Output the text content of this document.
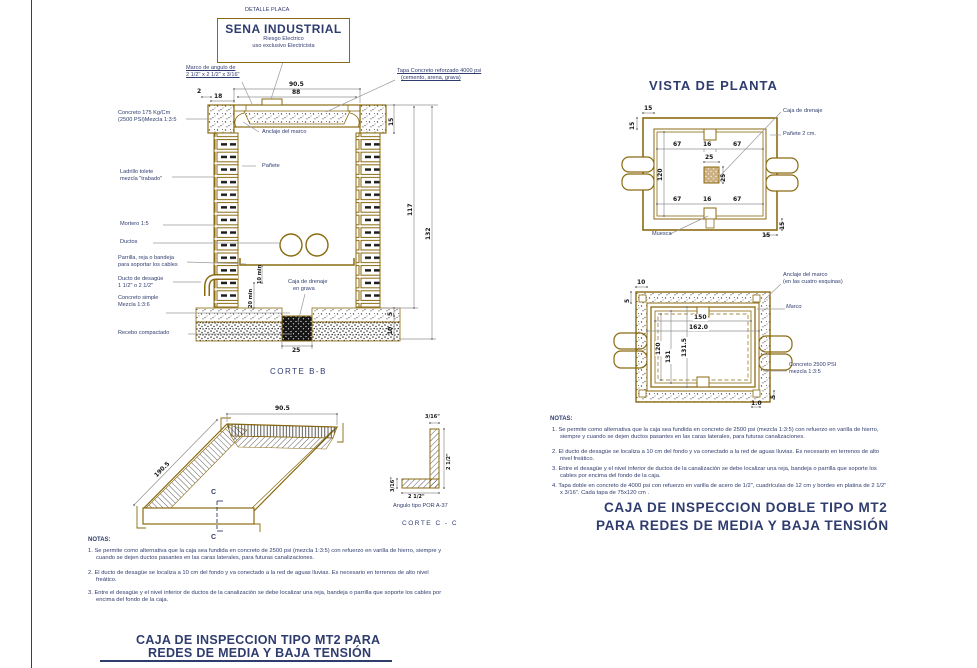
DETALLE PLACA
SENA INDUSTRIAL
Riesgo Electrico
uso exclusivo Electricista
Marco de angulo de
2 1/2" x 2 1/2" x 3/16"
Tapa Concreto reforzado 4000 psi
(cemento, arena, grava)
Concreto 175 Kg/Cm
(2500 PSI)Mezcla 1:3:5
Anclaje del marco
Pañete
Ladrillo tolete
mezcla "trabado"
Mortero 1:5
Ductos
Parrilla, reja o bandeja
para soportar los cables
Ducto de desagüe
1 1/2" o 2 1/2"
Concreto simple
Mezcla 1:3:6
Recebo compactado
Caja de drenaje
en grava
90.5
88
2
18
15
117
132
5
10
25
10 min
20 min
CORTE B-B
VISTA DE PLANTA
Caja de drenaje
Pañete 2 cm.
Muesca
15
15
67	16	67
120
25
25
67	16	67
15
15
Anclaje del marco
(en las cuatro esquinas)
Marco
Concreto 2500 PSI
mezcla 1:3:5
10
5
150
162.0
120
131 131.5
5
1.0
90.5
190.5
C
C
3/16"
2 1/2"
3/16"
2 1/2"
Angulo tipo POR A-37
CORTE C - C
NOTAS:
1. Se permite como alternativa que la caja sea fundida en concreto de 2500 psi (mezcla 1:3:5) con refuerzo en varilla de hierro, siempre y cuando se dejen ductos pasantes en las caras laterales, para futuras canalizaciones.
2. El ducto de desagüe se localiza a 10 cm del fondo y va conectado a la red de aguas lluvias. Es necesario en terrenos de alto nivel freático.
3. Entre el desagüe y el nivel inferior de ductos de la canalización se debe localizar una reja, bandeja o parrilla que soporte los cables por encima del fondo de la caja.
4. Tapa doble en concreto de 4000 psi con refuerzo en varilla de acero de 1/2", cuadrículas de 12 cm y bordes en platina de 2 1/2" x 3/16". Cada tapa de 75x120 cm .
CAJA DE INSPECCION DOBLE TIPO MT2
PARA REDES DE MEDIA Y BAJA TENSIÓN
NOTAS:
1. Se permite como alternativa que la caja sea fundida en concreto de 2500 psi (mezcla 1:3:5) con refuerzo en varilla de hierro, siempre y cuando se dejen ductos pasantes en las caras laterales, para futuras canalizaciones.
2. El ducto de desagüe se localiza a 10 cm del fondo y va conectado a la red de aguas lluvias. Es necesario en terrenos de alto nivel freático.
3. Entre el desagüe y el nivel inferior de ductos de la canalización se debe localizar una reja, bandeja o parrilla que soporte los cables por encima del fondo de la caja.
CAJA DE INSPECCION TIPO MT2 PARA
REDES DE MEDIA Y BAJA TENSIÓN
